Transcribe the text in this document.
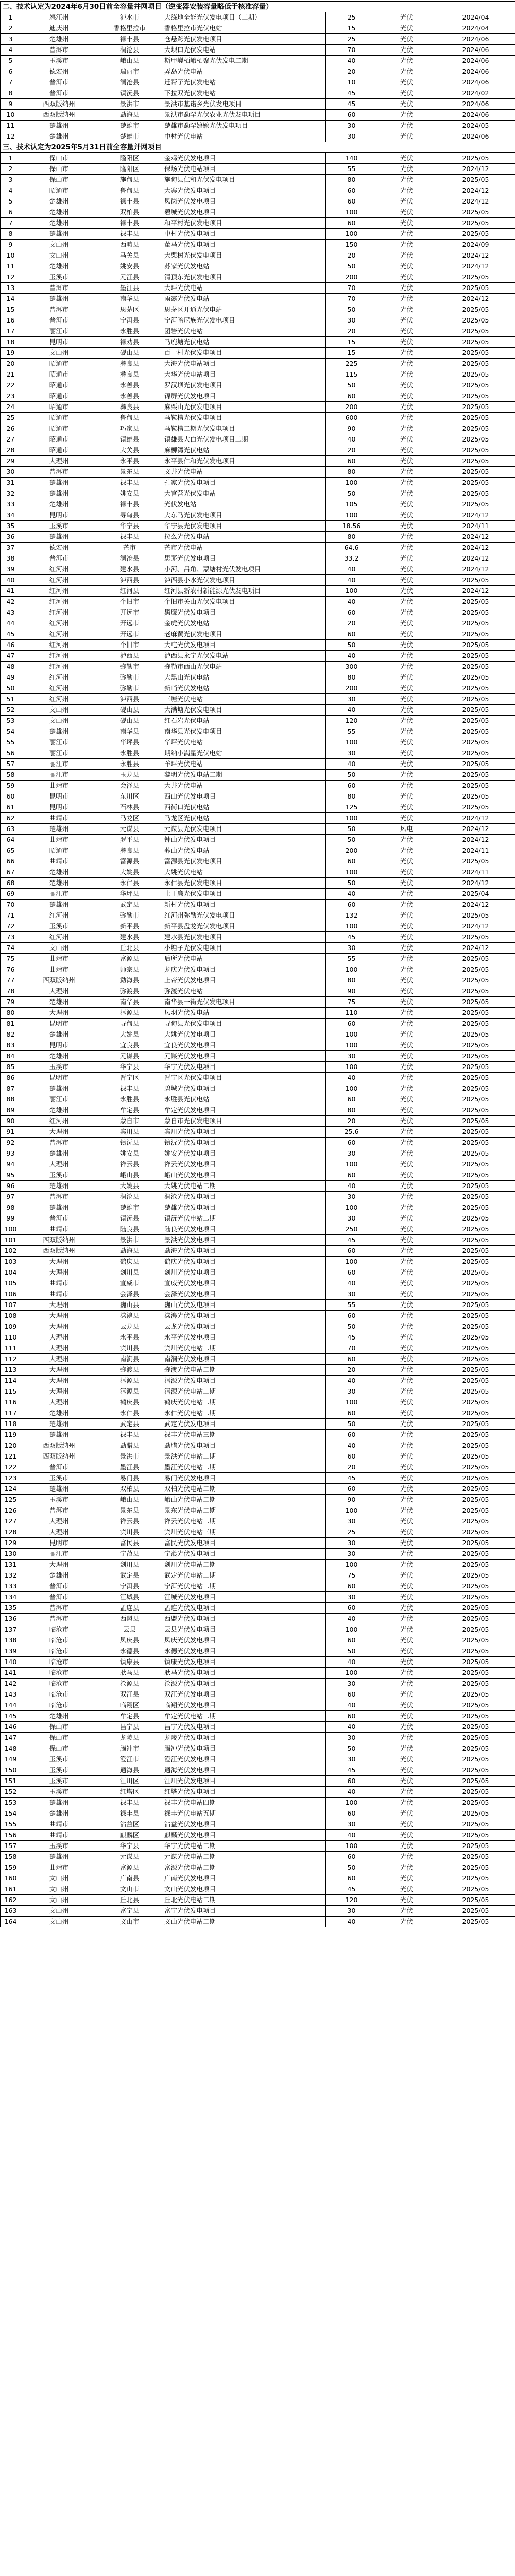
二、技术认定为2024年6月30日前全容量并网项目（逆变器安装容量略低于核准容量）						
1	怒江州	泸水市	大练地全能光伏发电项目（二期）	25	光伏	2024/04
2	迪庆州	香格里拉市	香格里拉市光伏电站	15	光伏	2024/04
3	楚雄州	禄丰县	仓悬跨光伏发电项目	25	光伏	2024/06
4	普洱市	澜沧县	大坝口光伏发电站	70	光伏	2024/06
5	玉溪市	峨山县	斯甲嵯栖峨栖聚光伏发电二期	40	光伏	2024/06
6	德宏州	瑞丽市	弄岛光伏电站	20	光伏	2024/06
7	普洱市	澜沧县	迁帮子光伏发电站	10	光伏	2024/06
8	普洱市	镇沅县	下拉双光伏发电站	45	光伏	2024/02
9	西双版纳州	景洪市	景洪市基诺乡光伏发电项目	45	光伏	2024/06
10	西双版纳州	勐海县	景洪市勐罕光伏农业光伏发电项目	60	光伏	2024/06
11	楚雄州	楚雄市	楚雄市勐罕嬷嬷光伏发电项目	30	光伏	2024/05
12	楚雄州	楚雄市	中材光伏电站	30	光伏	2024/06
三、技术认定为2025年5月31日前全容量并网项目						
1	保山市	隆阳区	金鸡光伏发电项目	140	光伏	2025/05
2	保山市	隆阳区	保场光伏电站项目	55	光伏	2024/12
3	保山市	施甸县	施甸县仁和光伏发电项目	80	光伏	2025/05
4	昭通市	鲁甸县	大寨光伏发电项目	60	光伏	2024/12
5	楚雄州	禄丰县	凤岗光伏发电项目	60	光伏	2024/12
6	楚雄州	双柏县	碧城光伏发电项目	100	光伏	2025/05
7	楚雄州	禄丰县	和平村光伏发电项目	60	光伏	2025/05
8	楚雄州	禄丰县	中村光伏发电项目	100	光伏	2025/05
9	文山州	西畴县	董马光伏发电项目	150	光伏	2024/09
10	文山州	马关县	大栗树光伏发电项目	20	光伏	2024/12
11	楚雄州	姚安县	苏家光伏发电站	50	光伏	2024/12
12	玉溪市	元江县	清顶东光伏发电项目	200	光伏	2025/05
13	普洱市	墨江县	大坪光伏电站	70	光伏	2025/05
14	楚雄州	南华县	雨露光伏发电站	70	光伏	2024/12
15	普洱市	思茅区	思茅区开通光伏电站	50	光伏	2025/05
16	普洱市	宁洱县	宁洱哈尼族光伏发电项目	30	光伏	2025/05
17	丽江市	永胜县	团岩光伏电站	20	光伏	2025/05
18	昆明市	禄劝县	马鹿塘光伏电站	15	光伏	2025/05
19	文山州	砚山县	百一村光伏发电项目	15	光伏	2025/05
20	昭通市	彝良县	大海光伏电站项目	225	光伏	2025/05
21	昭通市	彝良县	大华光伏电站项目	115	光伏	2025/05
22	昭通市	永善县	罗汉坝光伏发电项目	50	光伏	2025/05
23	昭通市	永善县	锦屏光伏发电项目	60	光伏	2025/05
24	昭通市	彝良县	麻栗山光伏发电项目	200	光伏	2025/05
25	昭通市	鲁甸县	马鞍槽光伏发电项目	600	光伏	2025/05
26	昭通市	巧家县	马鞍槽二期光伏发电项目	90	光伏	2025/05
27	昭通市	镇雄县	镇雄县大白光伏发电项目二期	40	光伏	2025/05
28	昭通市	大关县	麻柳湾光伏电站	20	光伏	2025/05
29	大理州	永平县	永平县仁和光伏发电项目	60	光伏	2025/05
30	普洱市	景东县	文井光伏电站	80	光伏	2025/05
31	楚雄州	禄丰县	孔家光伏发电项目	100	光伏	2025/05
32	楚雄州	姚安县	大官营光伏发电站	50	光伏	2025/05
33	楚雄州	禄丰县	光伏发电站	105	光伏	2025/05
34	昆明市	寻甸县	大东马光伏发电项目	100	光伏	2024/12
35	玉溪市	华宁县	华宁县光伏发电项目	18.56	光伏	2024/11
36	楚雄州	禄丰县	拉么光伏发电站	80	光伏	2024/12
37	德宏州	芒市	芒市光伏电站	64.6	光伏	2024/12
38	普洱市	澜沧县	思茅光伏发电项目	33.2	光伏	2024/12
39	红河州	建水县	小河、吕角、蒙塘村光伏发电项目	40	光伏	2024/12
40	红河州	泸西县	泸西县小水光伏发电项目	40	光伏	2025/05
41	红河州	红河县	红河县新农村新能源光伏发电项目	100	光伏	2024/12
42	红河州	个旧市	个旧市关山光伏发电项目	40	光伏	2025/05
43	红河州	开远市	黑鹰光伏发电项目	60	光伏	2025/05
44	红河州	开远市	金虎光伏发电站	20	光伏	2025/05
45	红河州	开远市	老麻黄光伏发电项目	60	光伏	2025/05
46	红河州	个旧市	大屯光伏发电项目	50	光伏	2025/05
47	红河州	泸西县	泸西县永宁光伏发电站	40	光伏	2025/05
48	红河州	弥勒市	弥勒市西山光伏电站	300	光伏	2025/05
49	红河州	弥勒市	大黑山光伏电站	80	光伏	2025/05
50	红河州	弥勒市	新哨光伏发电站	200	光伏	2025/05
51	红河州	泸西县	三塘光伏电站	30	光伏	2025/05
52	文山州	砚山县	大满塘光伏发电项目	40	光伏	2025/05
53	文山州	砚山县	红石岩光伏电站	120	光伏	2025/05
54	楚雄州	南华县	南华县光伏发电项目	55	光伏	2025/05
55	丽江市	华坪县	华坪光伏电站	100	光伏	2025/05
56	丽江市	永胜县	期纳小满星光伏电站	30	光伏	2025/05
57	丽江市	永胜县	羊坪光伏电站	40	光伏	2025/05
58	丽江市	玉龙县	黎明光伏发电站二期	50	光伏	2025/05
59	曲靖市	会泽县	大井光伏电站	60	光伏	2025/05
60	昆明市	东川区	西山光伏发电项目	80	光伏	2025/05
61	昆明市	石林县	西街口光伏电站	125	光伏	2025/05
62	曲靖市	马龙区	马龙区光伏电站	100	光伏	2024/12
63	楚雄州	元谋县	元谋县光伏发电项目	50	风电	2024/12
64	曲靖市	罗平县	钟山光伏发电项目	50	光伏	2024/12
65	昭通市	彝良县	荞山光伏发电站	200	光伏	2024/11
66	曲靖市	富源县	富源县光伏发电项目	60	光伏	2025/05
67	楚雄州	大姚县	大姚光伏电站	100	光伏	2024/11
68	楚雄州	永仁县	永仁县光伏发电项目	50	光伏	2024/12
69	丽江市	华坪县	上丁廉光伏发电项目	40	光伏	2025/04
70	楚雄州	武定县	新村光伏发电项目	60	光伏	2024/12
71	红河州	弥勒市	红河州弥勒光伏发电项目	132	光伏	2025/05
72	玉溪市	新平县	新平县盘龙光伏发电项目	100	光伏	2024/12
73	红河州	建水县	建水县光伏发电项目	45	光伏	2025/05
74	文山州	丘北县	小塘子光伏发电项目	30	光伏	2024/12
75	曲靖市	富源县	后所光伏电站	55	光伏	2025/05
76	曲靖市	师宗县	龙庆光伏发电项目	100	光伏	2025/05
77	西双版纳州	勐海县	上帝光伏发电项目	80	光伏	2025/05
78	大理州	弥渡县	弥渡光伏电站	90	光伏	2025/05
79	楚雄州	南华县	南华县一街光伏发电项目	75	光伏	2025/05
80	大理州	洱源县	凤羽光伏发电站	110	光伏	2025/05
81	昆明市	寻甸县	寻甸县光伏发电项目	60	光伏	2025/05
82	楚雄州	大姚县	大姚光伏发电项目	100	光伏	2025/05
83	昆明市	宜良县	宜良光伏发电项目	100	光伏	2025/05
84	楚雄州	元谋县	元谋光伏发电项目	30	光伏	2025/05
85	玉溪市	华宁县	华宁光伏发电项目	100	光伏	2025/05
86	昆明市	晋宁区	晋宁区光伏发电项目	40	光伏	2025/05
87	楚雄州	禄丰县	碧城光伏发电项目	100	光伏	2025/05
88	丽江市	永胜县	永胜县光伏电站	60	光伏	2025/05
89	楚雄州	牟定县	牟定光伏发电项目	80	光伏	2025/05
90	红河州	蒙自市	蒙自市光伏发电项目	20	光伏	2025/05
91	大理州	宾川县	宾川光伏发电项目	25.6	光伏	2025/05
92	普洱市	镇沅县	镇沅光伏发电项目	60	光伏	2025/05
93	楚雄州	姚安县	姚安光伏发电项目	30	光伏	2025/05
94	大理州	祥云县	祥云光伏发电项目	100	光伏	2025/05
95	玉溪市	峨山县	峨山光伏发电项目	60	光伏	2025/05
96	楚雄州	大姚县	大姚光伏电站二期	40	光伏	2025/05
97	普洱市	澜沧县	澜沧光伏发电项目	30	光伏	2025/05
98	楚雄州	楚雄市	楚雄光伏发电项目	100	光伏	2025/05
99	普洱市	镇沅县	镇沅光伏电站二期	30	光伏	2025/05
100	曲靖市	陆良县	陆良光伏发电项目	250	光伏	2025/05
101	西双版纳州	景洪市	景洪光伏发电项目	45	光伏	2025/05
102	西双版纳州	勐海县	勐海光伏发电项目	60	光伏	2025/05
103	大理州	鹤庆县	鹤庆光伏发电项目	100	光伏	2025/05
104	大理州	剑川县	剑川光伏发电项目	60	光伏	2025/05
105	曲靖市	宣威市	宣威光伏发电项目	40	光伏	2025/05
106	曲靖市	会泽县	会泽光伏发电项目	30	光伏	2025/05
107	大理州	巍山县	巍山光伏发电项目	55	光伏	2025/05
108	大理州	漾濞县	漾濞光伏发电项目	60	光伏	2025/05
109	大理州	云龙县	云龙光伏发电项目	50	光伏	2025/05
110	大理州	永平县	永平光伏发电项目	45	光伏	2025/05
111	大理州	宾川县	宾川光伏电站二期	70	光伏	2025/05
112	大理州	南涧县	南涧光伏发电项目	60	光伏	2025/05
113	大理州	弥渡县	弥渡光伏电站二期	20	光伏	2025/05
114	大理州	洱源县	洱源光伏发电项目	40	光伏	2025/05
115	大理州	洱源县	洱源光伏电站二期	30	光伏	2025/05
116	大理州	鹤庆县	鹤庆光伏电站二期	100	光伏	2025/05
117	楚雄州	永仁县	永仁光伏电站二期	60	光伏	2025/05
118	楚雄州	武定县	武定光伏发电项目	50	光伏	2025/05
119	楚雄州	禄丰县	禄丰光伏电站三期	60	光伏	2025/05
120	西双版纳州	勐腊县	勐腊光伏发电项目	40	光伏	2025/05
121	西双版纳州	景洪市	景洪光伏电站二期	60	光伏	2025/05
122	普洱市	墨江县	墨江光伏电站二期	20	光伏	2025/05
123	玉溪市	易门县	易门光伏发电项目	45	光伏	2025/05
124	楚雄州	双柏县	双柏光伏电站二期	60	光伏	2025/05
125	玉溪市	峨山县	峨山光伏电站二期	90	光伏	2025/05
126	普洱市	景东县	景东光伏电站二期	100	光伏	2025/05
127	大理州	祥云县	祥云光伏电站二期	30	光伏	2025/05
128	大理州	宾川县	宾川光伏电站三期	25	光伏	2025/05
129	昆明市	富民县	富民光伏发电项目	30	光伏	2025/05
130	丽江市	宁蒗县	宁蒗光伏发电项目	30	光伏	2025/05
131	大理州	剑川县	剑川光伏电站二期	100	光伏	2025/05
132	楚雄州	武定县	武定光伏电站二期	75	光伏	2025/05
133	普洱市	宁洱县	宁洱光伏电站二期	60	光伏	2025/05
134	普洱市	江城县	江城光伏发电项目	30	光伏	2025/05
135	普洱市	孟连县	孟连光伏发电项目	60	光伏	2025/05
136	普洱市	西盟县	西盟光伏发电项目	40	光伏	2025/05
137	临沧市	云县	云县光伏发电项目	100	光伏	2025/05
138	临沧市	凤庆县	凤庆光伏发电项目	60	光伏	2025/05
139	临沧市	永德县	永德光伏发电项目	50	光伏	2025/05
140	临沧市	镇康县	镇康光伏发电项目	40	光伏	2025/05
141	临沧市	耿马县	耿马光伏发电项目	100	光伏	2025/05
142	临沧市	沧源县	沧源光伏发电项目	30	光伏	2025/05
143	临沧市	双江县	双江光伏发电项目	60	光伏	2025/05
144	临沧市	临翔区	临翔光伏发电项目	40	光伏	2025/05
145	楚雄州	牟定县	牟定光伏电站二期	60	光伏	2025/05
146	保山市	昌宁县	昌宁光伏发电项目	40	光伏	2025/05
147	保山市	龙陵县	龙陵光伏发电项目	30	光伏	2025/05
148	保山市	腾冲市	腾冲光伏发电项目	50	光伏	2025/05
149	玉溪市	澄江市	澄江光伏发电项目	30	光伏	2025/05
150	玉溪市	通海县	通海光伏发电项目	45	光伏	2025/05
151	玉溪市	江川区	江川光伏发电项目	60	光伏	2025/05
152	玉溪市	红塔区	红塔光伏发电项目	40	光伏	2025/05
153	楚雄州	禄丰县	禄丰光伏电站四期	100	光伏	2025/05
154	楚雄州	禄丰县	禄丰光伏电站五期	60	光伏	2025/05
155	曲靖市	沾益区	沾益光伏发电项目	30	光伏	2025/05
156	曲靖市	麒麟区	麒麟光伏发电项目	40	光伏	2025/05
157	玉溪市	华宁县	华宁光伏电站二期	100	光伏	2025/05
158	楚雄州	元谋县	元谋光伏电站二期	60	光伏	2025/05
159	曲靖市	富源县	富源光伏电站二期	50	光伏	2025/05
160	文山州	广南县	广南光伏发电项目	60	光伏	2025/05
161	文山州	文山市	文山光伏发电项目	45	光伏	2025/05
162	文山州	丘北县	丘北光伏电站二期	120	光伏	2025/05
163	文山州	富宁县	富宁光伏发电项目	30	光伏	2025/05
164	文山州	文山市	文山光伏电站二期	40	光伏	2025/05
